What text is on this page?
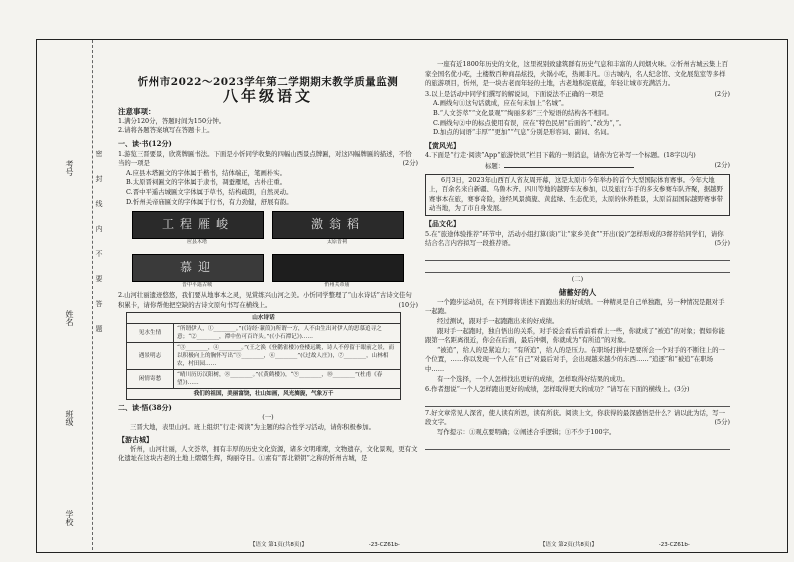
考号
姓名
班级
学校
密封线内不要答题
忻州市2022～2023学年第二学期期末教学质量监测
八年级语文
注意事项：
1.满分120分，答题时间为150分钟。
2.请将各题答案填写在答题卡上。
一、读·书(12分)
1.游览三晋要景，欣赏牌匾书法。下面是小忻同学收集的四幅山西景点牌匾，对这四幅牌匾的描述，不恰当的一项是	(2分)
A.应县木塔匾文的字体属于楷书，结体端正，笔画朴实。
B.太原晋祠匾文的字体属于隶书，凋蚕雁尾，古朴庄重。
C.晋中平遥古城匾文字体属于草书，结构疏朗，自然灵动。
D.忻州关帝庙匾文的字体属于行书，有力劲健，舒展有韵。
工程雁峻
应县木塔
激翁稻
太原晋祠
慕迎
晋中平遥古城	忻州关帝庙
2.山河壮丽遗迹悠悠，我们要从地事本之灵，见赏练兴山河之美。小忻同学整理了“山水诗话”古诗文佳句积累卡，请你帮他把空缺的古诗文原句书写在横线上。	(10分)
山水诗话	
见水生情	“所谓伊人，①________。”(《诗经·蒹葭》)所谓一方，人不由生出对伊人的思慕追寻之意；“②________，潭中鱼可百许头。”(《小石潭记》)……
遇景明志	“③________，④________。”(王之涣《登鹳雀楼》)登楼远眺，诗人不停留于眼前之景，而以积极向上的胸怀写出“⑤________，⑥________”(《过故人庄》)，⑦________，山林相农，村田园……
闲情寄愁	“晴川历历汉阳树，⑧________。”(《黄鹤楼》)，“⑨________，⑩________”(杜甫《春望》)……
我们的祖国，美丽富饶，壮山如画，风光旖旎，气象万千	
二、读·悟(38分)
(一)
三晋大地，表里山河。班上组织“行走·阅读”为主题的综合性学习活动，请你积极参加。
【游古城】
忻州，山河壮丽，人文荟萃，拥有丰厚的历史文化资源，诸多文明璀璨，文物遗存，文化景观，更有文化遗址在这块古老的土地上熠熠生辉，绚丽夺目。①素有“晋北锁钥”之称的忻州古城，是
一座有近1800年历史的文化，这里祝别致建筑群有历史气息和丰富的人间烟火味。②忻州古城云集上百家全国名优小吃，土楼数百种商品炫投，火锅小吃，热闹非凡。③古城内，名人纪念馆、文化展览室等多样的旅游项目，忻州，是一块古老而年轻的土地，古老地积淀底蕴，年轻让城市充满活力。
3.以上是活动中同学们撰写的解说词，下面说法不正确的一项是	(2分)
A.画线句①这句话就成，应在句末加上“名城”。
B.“人文荟萃”“文化景观”“绚丽多彩”三个短语的结构各不相同。
C.画线句②中的标点使用有误，应在“特色民居”后面的“、”改为“，”。
D.加点的词语“丰厚”“更加”“气息”分别是形容词、副词、名词。
【赏风光】
4.下面是“行走·阅读”App“旅游快讯”栏目下载的一则消息，请你为它补写一个标题。(18字以内)
标题：	(2分)
6月3日，2023年山西百人省友周开幕，这是太原市今年举办的首个大型国际体育赛事。今年大地上，百余名来自新疆、乌鲁木齐、四川等地的越野车友参加，以及旅行车手的多支参赛车队齐聚，据越野赛事本在旅，赛事奇险，途经风景旖旎、黄蓝绿、生态优美，太原的休养胜景，太原首届国际越野赛事带动当地，为了市自身发展。
【品文化】
5.在“旅途体验推荐”环节中，活动小组打算(谈)“让“家乡美食”“开出(说)”怎样形成的3督荐给同学们，请你结合名言内容拟写一段推荐语。	(5分)
(二)
储蓄好的人
一个跑步运动员，在下列即将讲述下面跑出来的好成绩。一种精灵是自己单独跑，另一种情况是跟对手一起跑。
经过测试，跟对手一起跑跑出来的好成绩。
跟对手一起跑时，独自悟出的关系，对手说会看后看前看看上一些，你就成了“被追”的对象；假如你能跟第一名距离很近，你会在后面，最后冲刺，你就成为“有所追”的对象。
“被追”，给人的是紧迫力；“有所追”，给人的是压力。在职场打拼中是要所会一个对手的不断往上的一个位置，……你以发现一个人在“自己”对最后对手，会出现越来越少的东西……“追逐”和“被追”在职场中……
有一个选择，一个人怎样找出更好的成绩，怎样取得好结果的成功。
6.作者想说“一个人怎样跑出更好的成绩，怎样取得更大的成功？”请写在下面的横线上。(3分)
7.好文章常见人深省，使人读有所思，读有所获。阅读上文，你获得的最深感悟是什么？请以此为话，写一段文字。	(5分)
写作提示：①观点要明确；②阐述合乎逻辑；③不少于100字。
【语文 第1页(共8页)】	-23-CZ61b-	【语文 第2页(共8页)】	-23-CZ61b-
